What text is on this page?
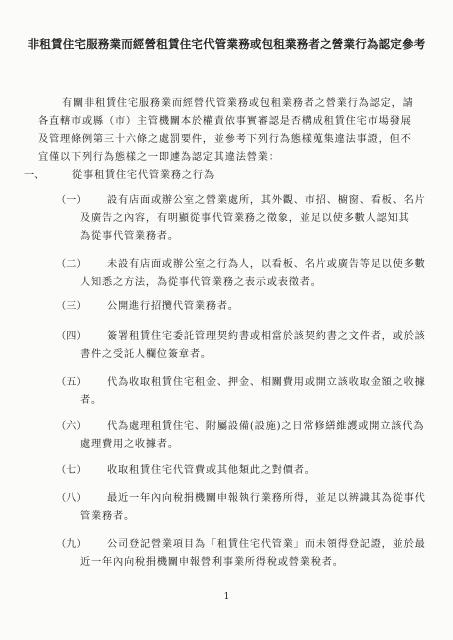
非租賃住宅服務業而經營租賃住宅代管業務或包租業務者之營業行為認定參考
有關非租賃住宅服務業而經營代管業務或包租業務者之營業行為認定，請
各直轄市或縣（市）主管機關本於權責依事實審認是否構成租賃住宅市場發展
及管理條例第三十六條之處罰要件，並參考下列行為態樣蒐集違法事證，但不
宜僅以下列行為態樣之一即遽為認定其違法營業：
一、	從事租賃住宅代管業務之行為
（一） 設有店面或辦公室之營業處所，其外觀、市招、櫥窗、看板、名片
及廣告之內容，有明顯從事代管業務之徵象，並足以使多數人認知其
為從事代管業務者。
（二） 未設有店面或辦公室之行為人，以看板、名片或廣告等足以使多數
人知悉之方法，為從事代管業務之表示或表徵者。
（三） 公開進行招攬代管業務者。
（四） 簽署租賃住宅委託管理契約書或相當於該契約書之文件者，或於該
書件之受託人欄位簽章者。
（五） 代為收取租賃住宅租金、押金、相關費用或開立該收取金額之收據
者。
（六） 代為處理租賃住宅、附屬設備(設施)之日常修繕維護或開立該代為
處理費用之收據者。
（七） 收取租賃住宅代管費或其他類此之對價者。
（八） 最近一年內向稅捐機關申報執行業務所得，並足以辨識其為從事代
管業務者。
（九） 公司登記營業項目為「租賃住宅代管業」而未領得登記證，並於最
近一年內向稅捐機關申報營利事業所得稅或營業稅者。
1
